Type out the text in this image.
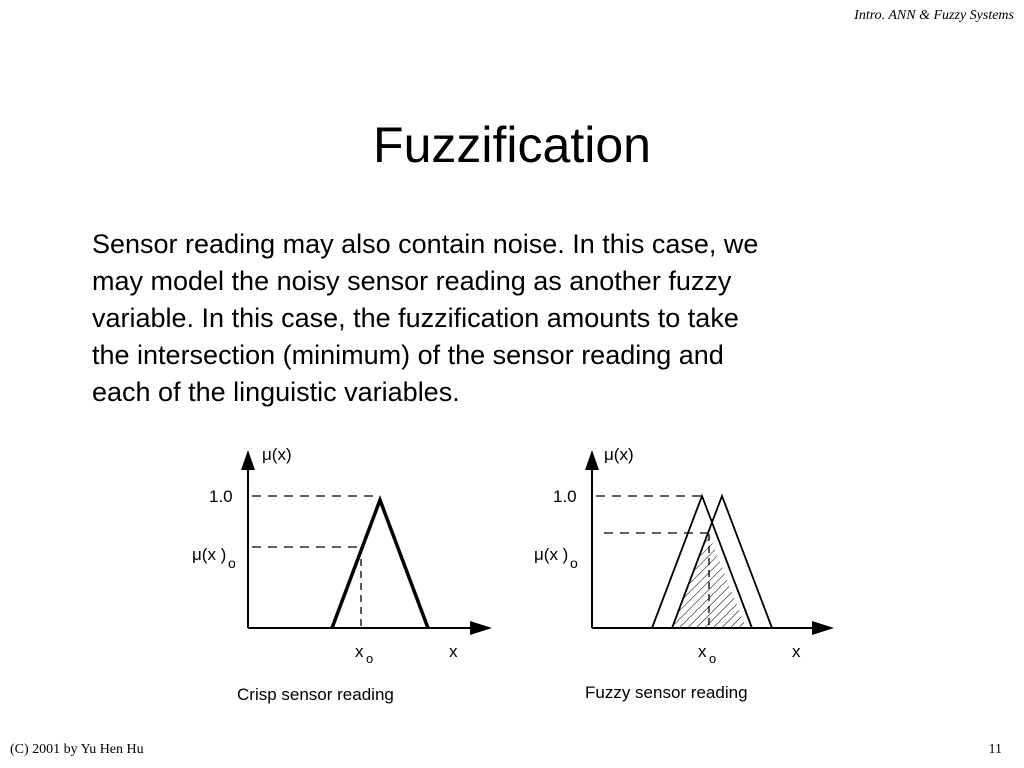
Intro. ANN & Fuzzy Systems
Fuzzification
Sensor reading may also contain noise. In this case, we
may model the noisy sensor reading as another fuzzy
variable. In this case, the fuzzification amounts to take
the intersection (minimum) of the sensor reading and
each of the linguistic variables.
μ(x)
1.0
μ(x ) o
x o	x
Crisp sensor reading
μ(x)
1.0
μ(x ) o
x o	x
Fuzzy sensor reading
(C) 2001 by Yu Hen Hu	11
